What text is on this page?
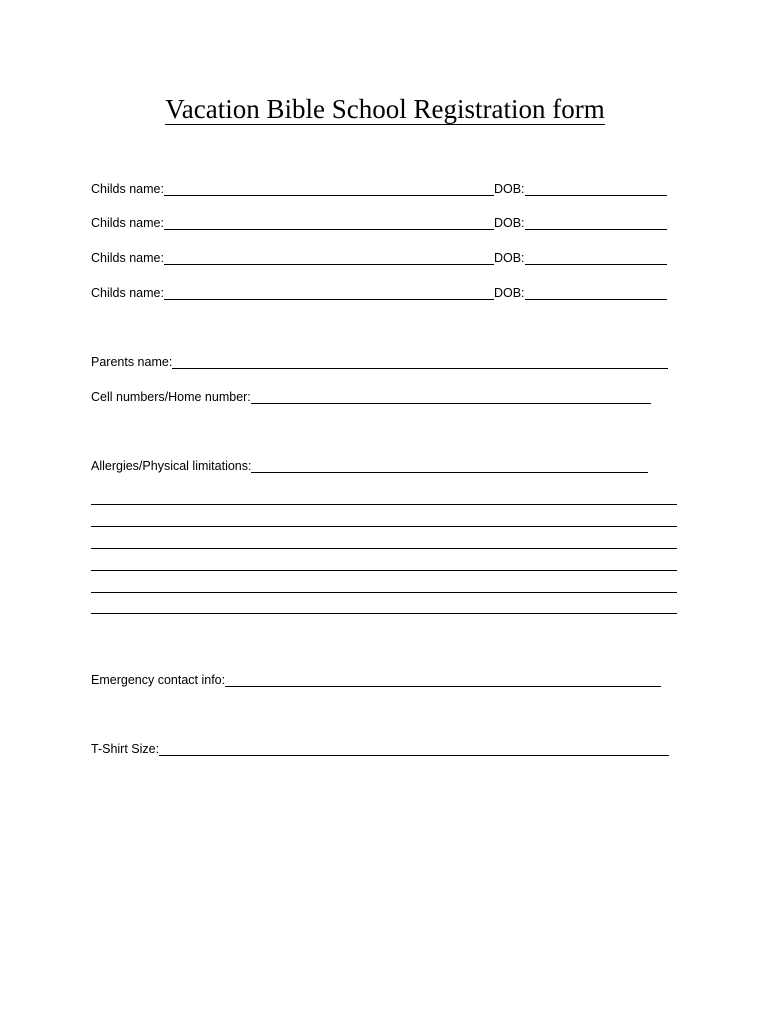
Vacation Bible School Registration form
Childs name:	DOB:
Childs name:	DOB:
Childs name:	DOB:
Childs name:	DOB:
Parents name:
Cell numbers/Home number:
Allergies/Physical limitations:
Emergency contact info:
T-Shirt Size:
